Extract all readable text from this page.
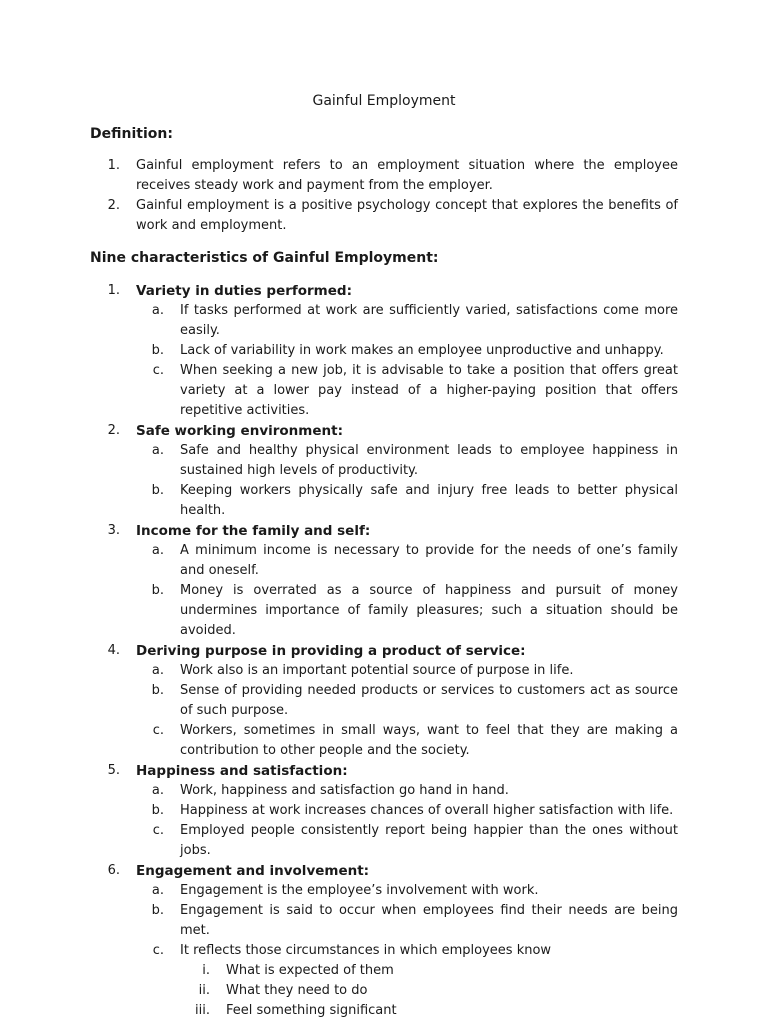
Gainful Employment
Definition:
1. Gainful employment refers to an employment situation where the employee receives steady work and payment from the employer.
2. Gainful employment is a positive psychology concept that explores the benefits of work and employment.
Nine characteristics of Gainful Employment:
1. Variety in duties performed:
a. If tasks performed at work are sufficiently varied, satisfactions come more easily.
b. Lack of variability in work makes an employee unproductive and unhappy.
c. When seeking a new job, it is advisable to take a position that offers great variety at a lower pay instead of a higher-paying position that offers repetitive activities.
2. Safe working environment:
a. Safe and healthy physical environment leads to employee happiness in sustained high levels of productivity.
b. Keeping workers physically safe and injury free leads to better physical health.
3. Income for the family and self:
a. A minimum income is necessary to provide for the needs of one’s family and oneself.
b. Money is overrated as a source of happiness and pursuit of money undermines importance of family pleasures; such a situation should be avoided.
4. Deriving purpose in providing a product of service:
a. Work also is an important potential source of purpose in life.
b. Sense of providing needed products or services to customers act as source of such purpose.
c. Workers, sometimes in small ways, want to feel that they are making a contribution to other people and the society.
5. Happiness and satisfaction:
a. Work, happiness and satisfaction go hand in hand.
b. Happiness at work increases chances of overall higher satisfaction with life.
c. Employed people consistently report being happier than the ones without jobs.
6. Engagement and involvement:
a. Engagement is the employee’s involvement with work.
b. Engagement is said to occur when employees find their needs are being met.
c. It reflects those circumstances in which employees know
i. What is expected of them
ii. What they need to do
iii. Feel something significant
